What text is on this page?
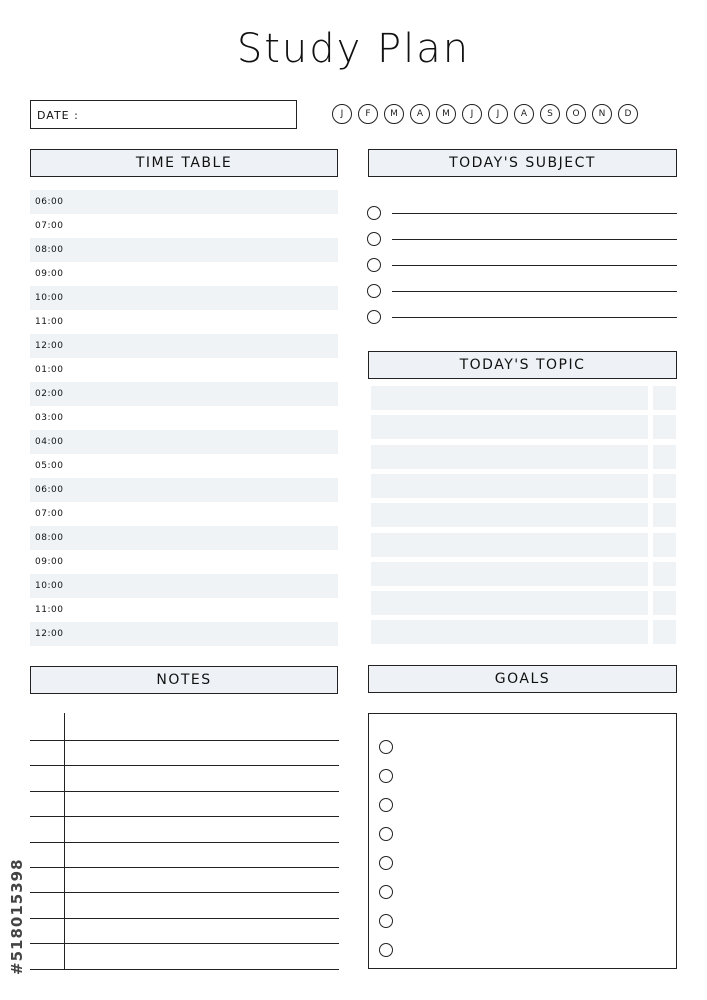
Study Plan
DATE :	J	F	M	A	M	J	J	A	S	O	N	D
TIME TABLE
06:00
07:00
08:00
09:00
10:00
11:00
12:00
01:00
02:00
03:00
04:00
05:00
06:00
07:00
08:00
09:00
10:00
11:00
12:00
TODAY'S SUBJECT
TODAY'S TOPIC
NOTES	GOALS
#518015398
